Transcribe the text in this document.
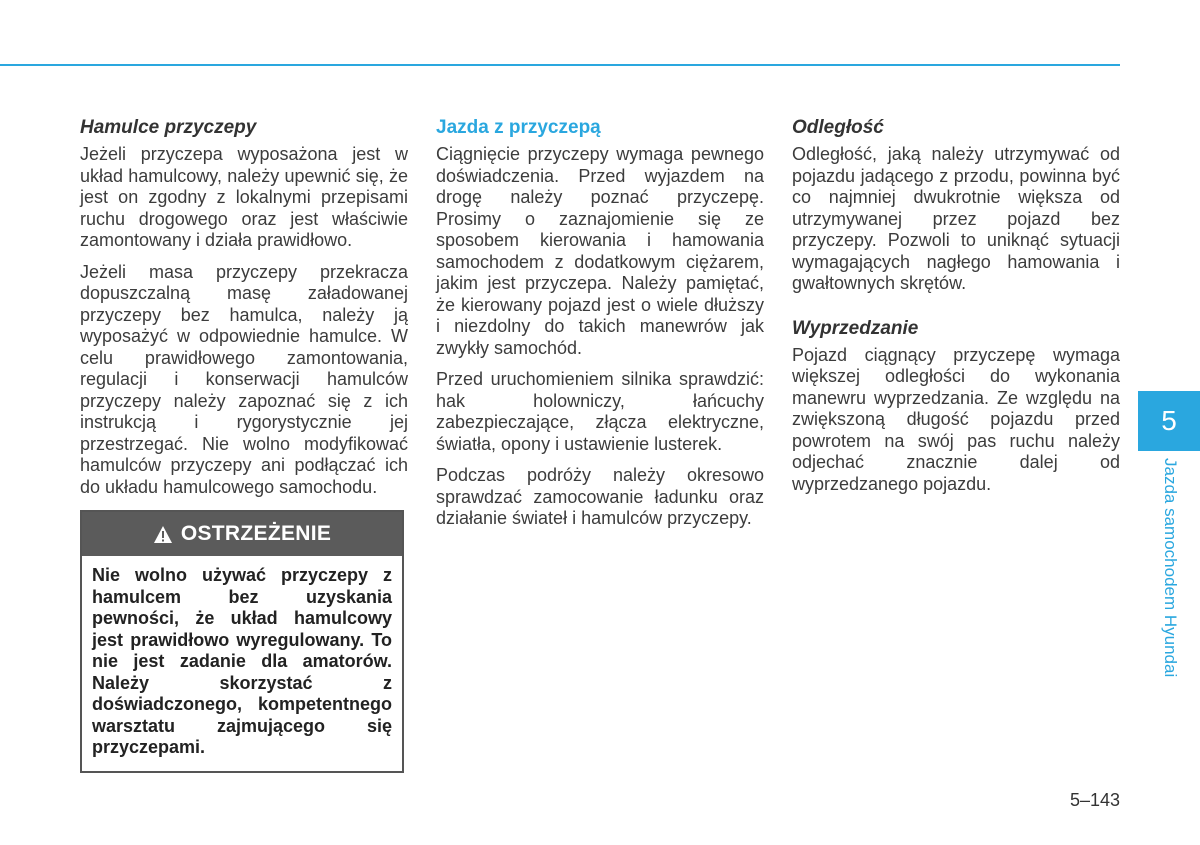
Hamulce przyczepy

Jeżeli przyczepa wyposażona jest w układ hamulcowy, należy upewnić się, że jest on zgodny z lokalnymi przepisami ruchu drogowego oraz jest właściwie zamontowany i działa prawidłowo.

Jeżeli masa przyczepy przekracza dopuszczalną masę załadowanej przyczepy bez hamulca, należy ją wyposażyć w odpowiednie hamulce. W celu prawidłowego zamontowania, regulacji i konserwacji hamulców przyczepy należy zapoznać się z ich instrukcją i rygorystycznie jej przestrzegać. Nie wolno modyfikować hamulców przyczepy ani podłączać ich do układu hamulcowego samochodu.

OSTRZEŻENIE
Nie wolno używać przyczepy z hamulcem bez uzyskania pewności, że układ hamulcowy jest prawidłowo wyregulowany. To nie jest zadanie dla amatorów. Należy skorzystać z doświadczonego, kompetentnego warsztatu zajmującego się przyczepami.
Jazda z przyczepą

Ciągnięcie przyczepy wymaga pewnego doświadczenia. Przed wyjazdem na drogę należy poznać przyczepę. Prosimy o zaznajomienie się ze sposobem kierowania i hamowania samochodem z dodatkowym ciężarem, jakim jest przyczepa. Należy pamiętać, że kierowany pojazd jest o wiele dłuższy i niezdolny do takich manewrów jak zwykły samochód.

Przed uruchomieniem silnika sprawdzić: hak holowniczy, łańcuchy zabezpieczające, złącza elektryczne, światła, opony i ustawienie lusterek.

Podczas podróży należy okresowo sprawdzać zamocowanie ładunku oraz działanie świateł i hamulców przyczepy.

Odległość

Odległość, jaką należy utrzymywać od pojazdu jadącego z przodu, powinna być co najmniej dwukrotnie większa od utrzymywanej przez pojazd bez przyczepy. Pozwoli to uniknąć sytuacji wymagających nagłego hamowania i gwałtownych skrętów.

Wyprzedzanie

Pojazd ciągnący przyczepę wymaga większej odległości do wykonania manewru wyprzedzania. Ze względu na zwiększoną długość pojazdu przed powrotem na swój pas ruchu należy odjechać znacznie dalej od wyprzedzanego pojazdu.

5
Jazda samochodem Hyundai
5–143
